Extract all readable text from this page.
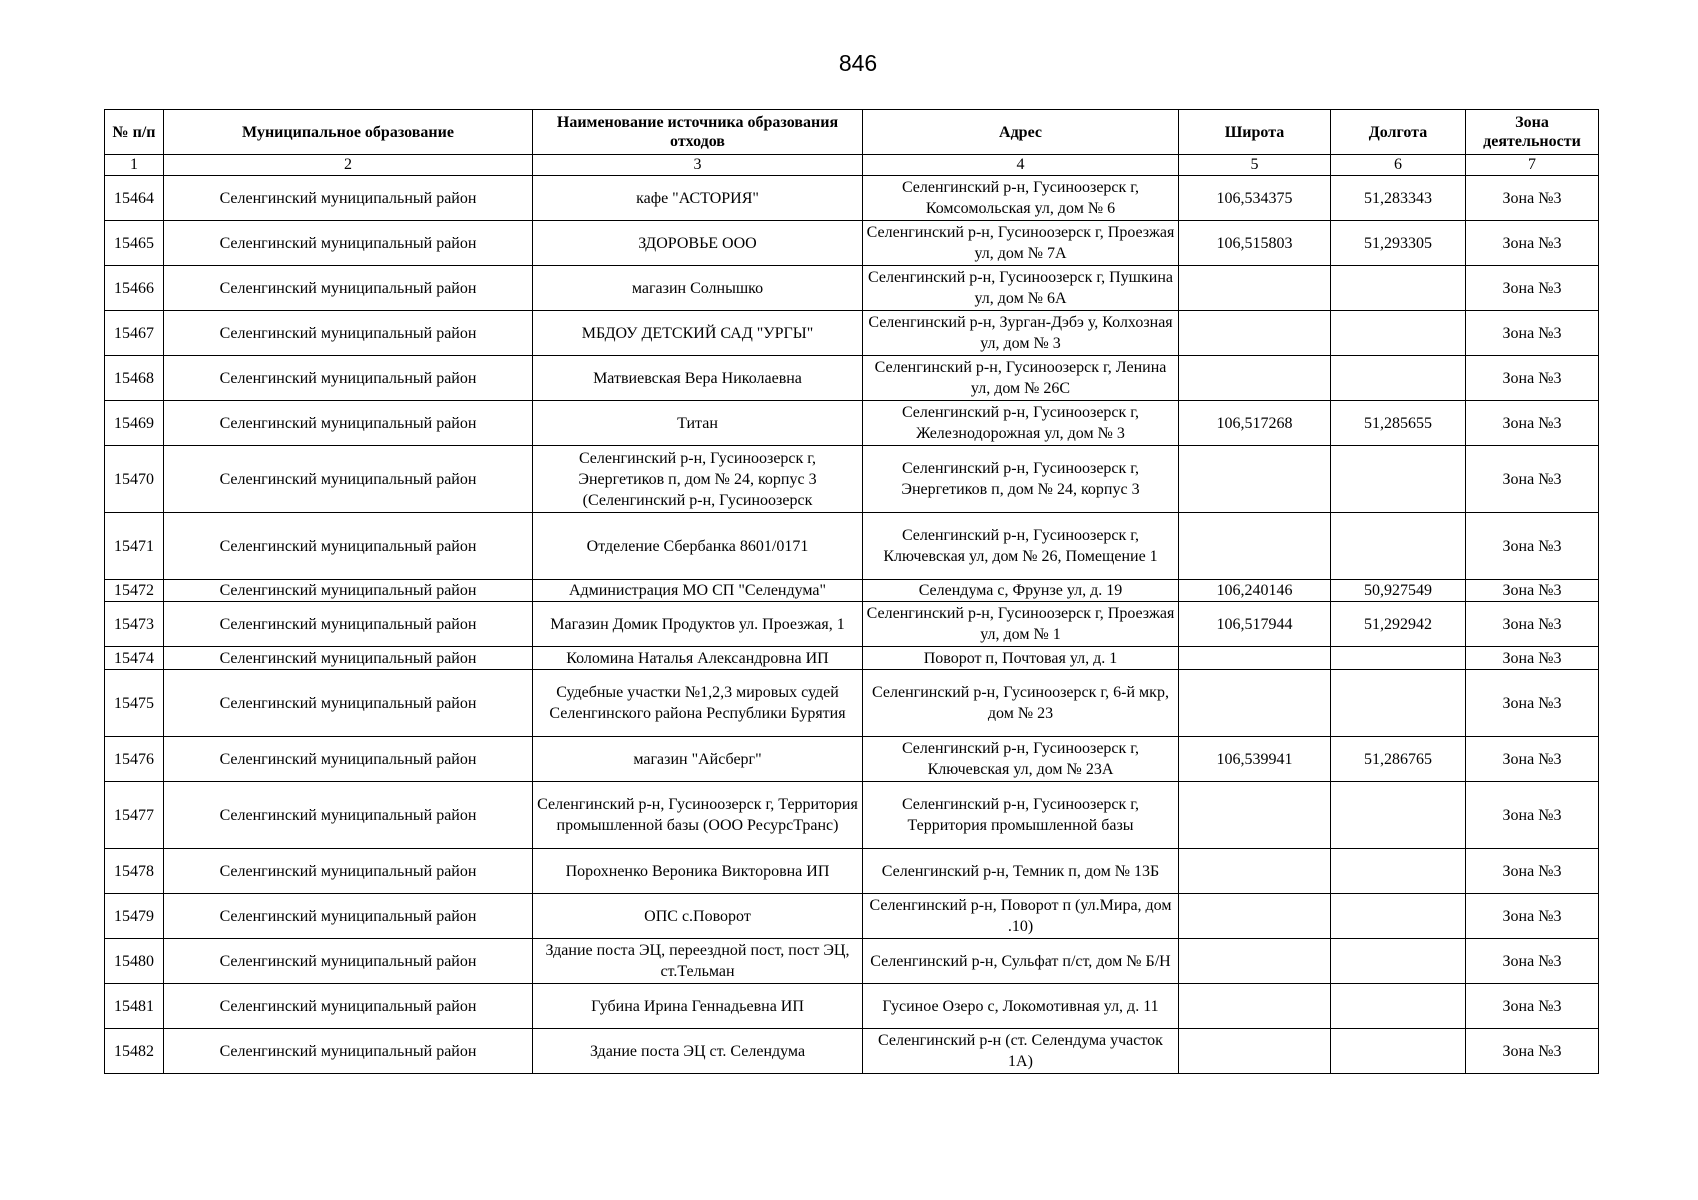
846
№ п/п	Муниципальное образование	Наименование источника образования отходов	Адрес	Широта	Долгота	Зона деятельности
1	2	3	4	5	6	7
15464	Селенгинский муниципальный район	кафе "АСТОРИЯ"	Селенгинский р-н, Гусиноозерск г, Комсомольская ул, дом № 6	106,534375	51,283343	Зона №3
15465	Селенгинский муниципальный район	ЗДОРОВЬЕ ООО	Селенгинский р-н, Гусиноозерск г, Проезжая ул, дом № 7А	106,515803	51,293305	Зона №3
15466	Селенгинский муниципальный район	магазин Солнышко	Селенгинский р-н, Гусиноозерск г, Пушкина ул, дом № 6А			Зона №3
15467	Селенгинский муниципальный район	МБДОУ ДЕТСКИЙ САД "УРГЫ"	Селенгинский р-н, Зурган-Дэбэ у, Колхозная ул, дом № 3			Зона №3
15468	Селенгинский муниципальный район	Матвиевская Вера Николаевна	Селенгинский р-н, Гусиноозерск г, Ленина ул, дом № 26С			Зона №3
15469	Селенгинский муниципальный район	Титан	Селенгинский р-н, Гусиноозерск г, Железнодорожная ул, дом № 3	106,517268	51,285655	Зона №3
15470	Селенгинский муниципальный район	Селенгинский р-н, Гусиноозерск г, Энергетиков п, дом № 24, корпус 3 (Селенгинский р-н, Гусиноозерск	Селенгинский р-н, Гусиноозерск г, Энергетиков п, дом № 24, корпус 3			Зона №3
15471	Селенгинский муниципальный район	Отделение Сбербанка 8601/0171	Селенгинский р-н, Гусиноозерск г, Ключевская ул, дом № 26, Помещение 1			Зона №3
15472	Селенгинский муниципальный район	Администрация МО СП "Селендума"	Селендума с, Фрунзе ул, д. 19	106,240146	50,927549	Зона №3
15473	Селенгинский муниципальный район	Магазин Домик Продуктов ул. Проезжая, 1	Селенгинский р-н, Гусиноозерск г, Проезжая ул, дом № 1	106,517944	51,292942	Зона №3
15474	Селенгинский муниципальный район	Коломина Наталья Александровна ИП	Поворот п, Почтовая ул, д. 1			Зона №3
15475	Селенгинский муниципальный район	Судебные участки №1,2,3 мировых судей Селенгинского района Республики Бурятия	Селенгинский р-н, Гусиноозерск г, 6-й мкр, дом № 23			Зона №3
15476	Селенгинский муниципальный район	магазин "Айсберг"	Селенгинский р-н, Гусиноозерск г, Ключевская ул, дом № 23А	106,539941	51,286765	Зона №3
15477	Селенгинский муниципальный район	Селенгинский р-н, Гусиноозерск г, Территория промышленной базы (ООО РесурсТранс)	Селенгинский р-н, Гусиноозерск г, Территория промышленной базы			Зона №3
15478	Селенгинский муниципальный район	Порохненко Вероника Викторовна ИП	Селенгинский р-н, Темник п, дом № 13Б			Зона №3
15479	Селенгинский муниципальный район	ОПС с.Поворот	Селенгинский р-н, Поворот п (ул.Мира, дом .10)			Зона №3
15480	Селенгинский муниципальный район	Здание поста ЭЦ, переездной пост, пост ЭЦ, ст.Тельман	Селенгинский р-н, Сульфат п/ст, дом № Б/Н			Зона №3
15481	Селенгинский муниципальный район	Губина Ирина Геннадьевна ИП	Гусиное Озеро с, Локомотивная ул, д. 11			Зона №3
15482	Селенгинский муниципальный район	Здание поста ЭЦ ст. Селендума	Селенгинский р-н (ст. Селендума участок 1А)			Зона №3
